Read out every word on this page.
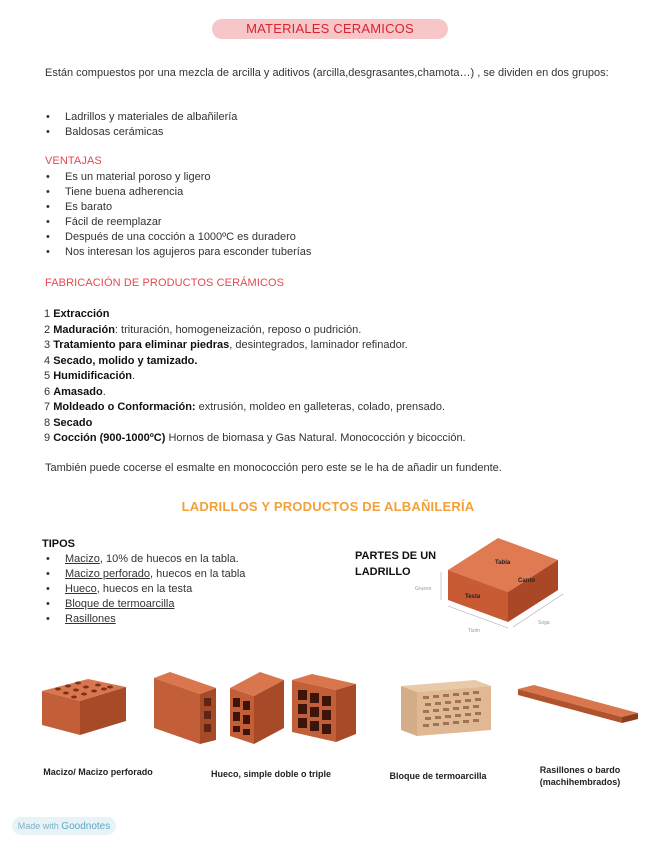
MATERIALES CERAMICOS
Están compuestos por una mezcla de arcilla y aditivos (arcilla,desgrasantes,chamota…) , se dividen en dos grupos:
• Ladrillos y materiales de albañilería
• Baldosas cerámicas
VENTAJAS
• Es un material poroso y ligero
• Tiene buena adherencia
• Es barato
• Fácil de reemplazar
• Después de una cocción a 1000ºC es duradero
• Nos interesan los agujeros para esconder tuberías
FABRICACIÓN DE PRODUCTOS CERÁMICOS
1 Extracción
2 Maduración: trituración, homogeneización, reposo o pudrición.
3 Tratamiento para eliminar piedras, desintegrados, laminador refinador.
4 Secado, molido y tamizado.
5 Humidificación.
6 Amasado.
7 Moldeado o Conformación: extrusión, moldeo en galleteras, colado, prensado.
8 Secado
9 Cocción (900-1000ºC) Hornos de biomasa y Gas Natural. Monococción y bicocción.
También puede cocerse el esmalte en monococción pero este se le ha de añadir un fundente.
LADRILLOS Y PRODUCTOS DE ALBAÑILERÍA
TIPOS
• Macizo, 10% de huecos en la tabla.
• Macizo perforado, huecos en la tabla
• Hueco, huecos en la testa
• Bloque de termoarcilla
• Rasillones
PARTES DE UN LADRILLO
Tabla
Canto
Testa
Grueso
Soga
Tizón
Macizo/ Macizo perforado	Hueco, simple doble o triple	Bloque de termoarcilla
Rasillones o bardo (machihembrados)
Made with Goodnotes
